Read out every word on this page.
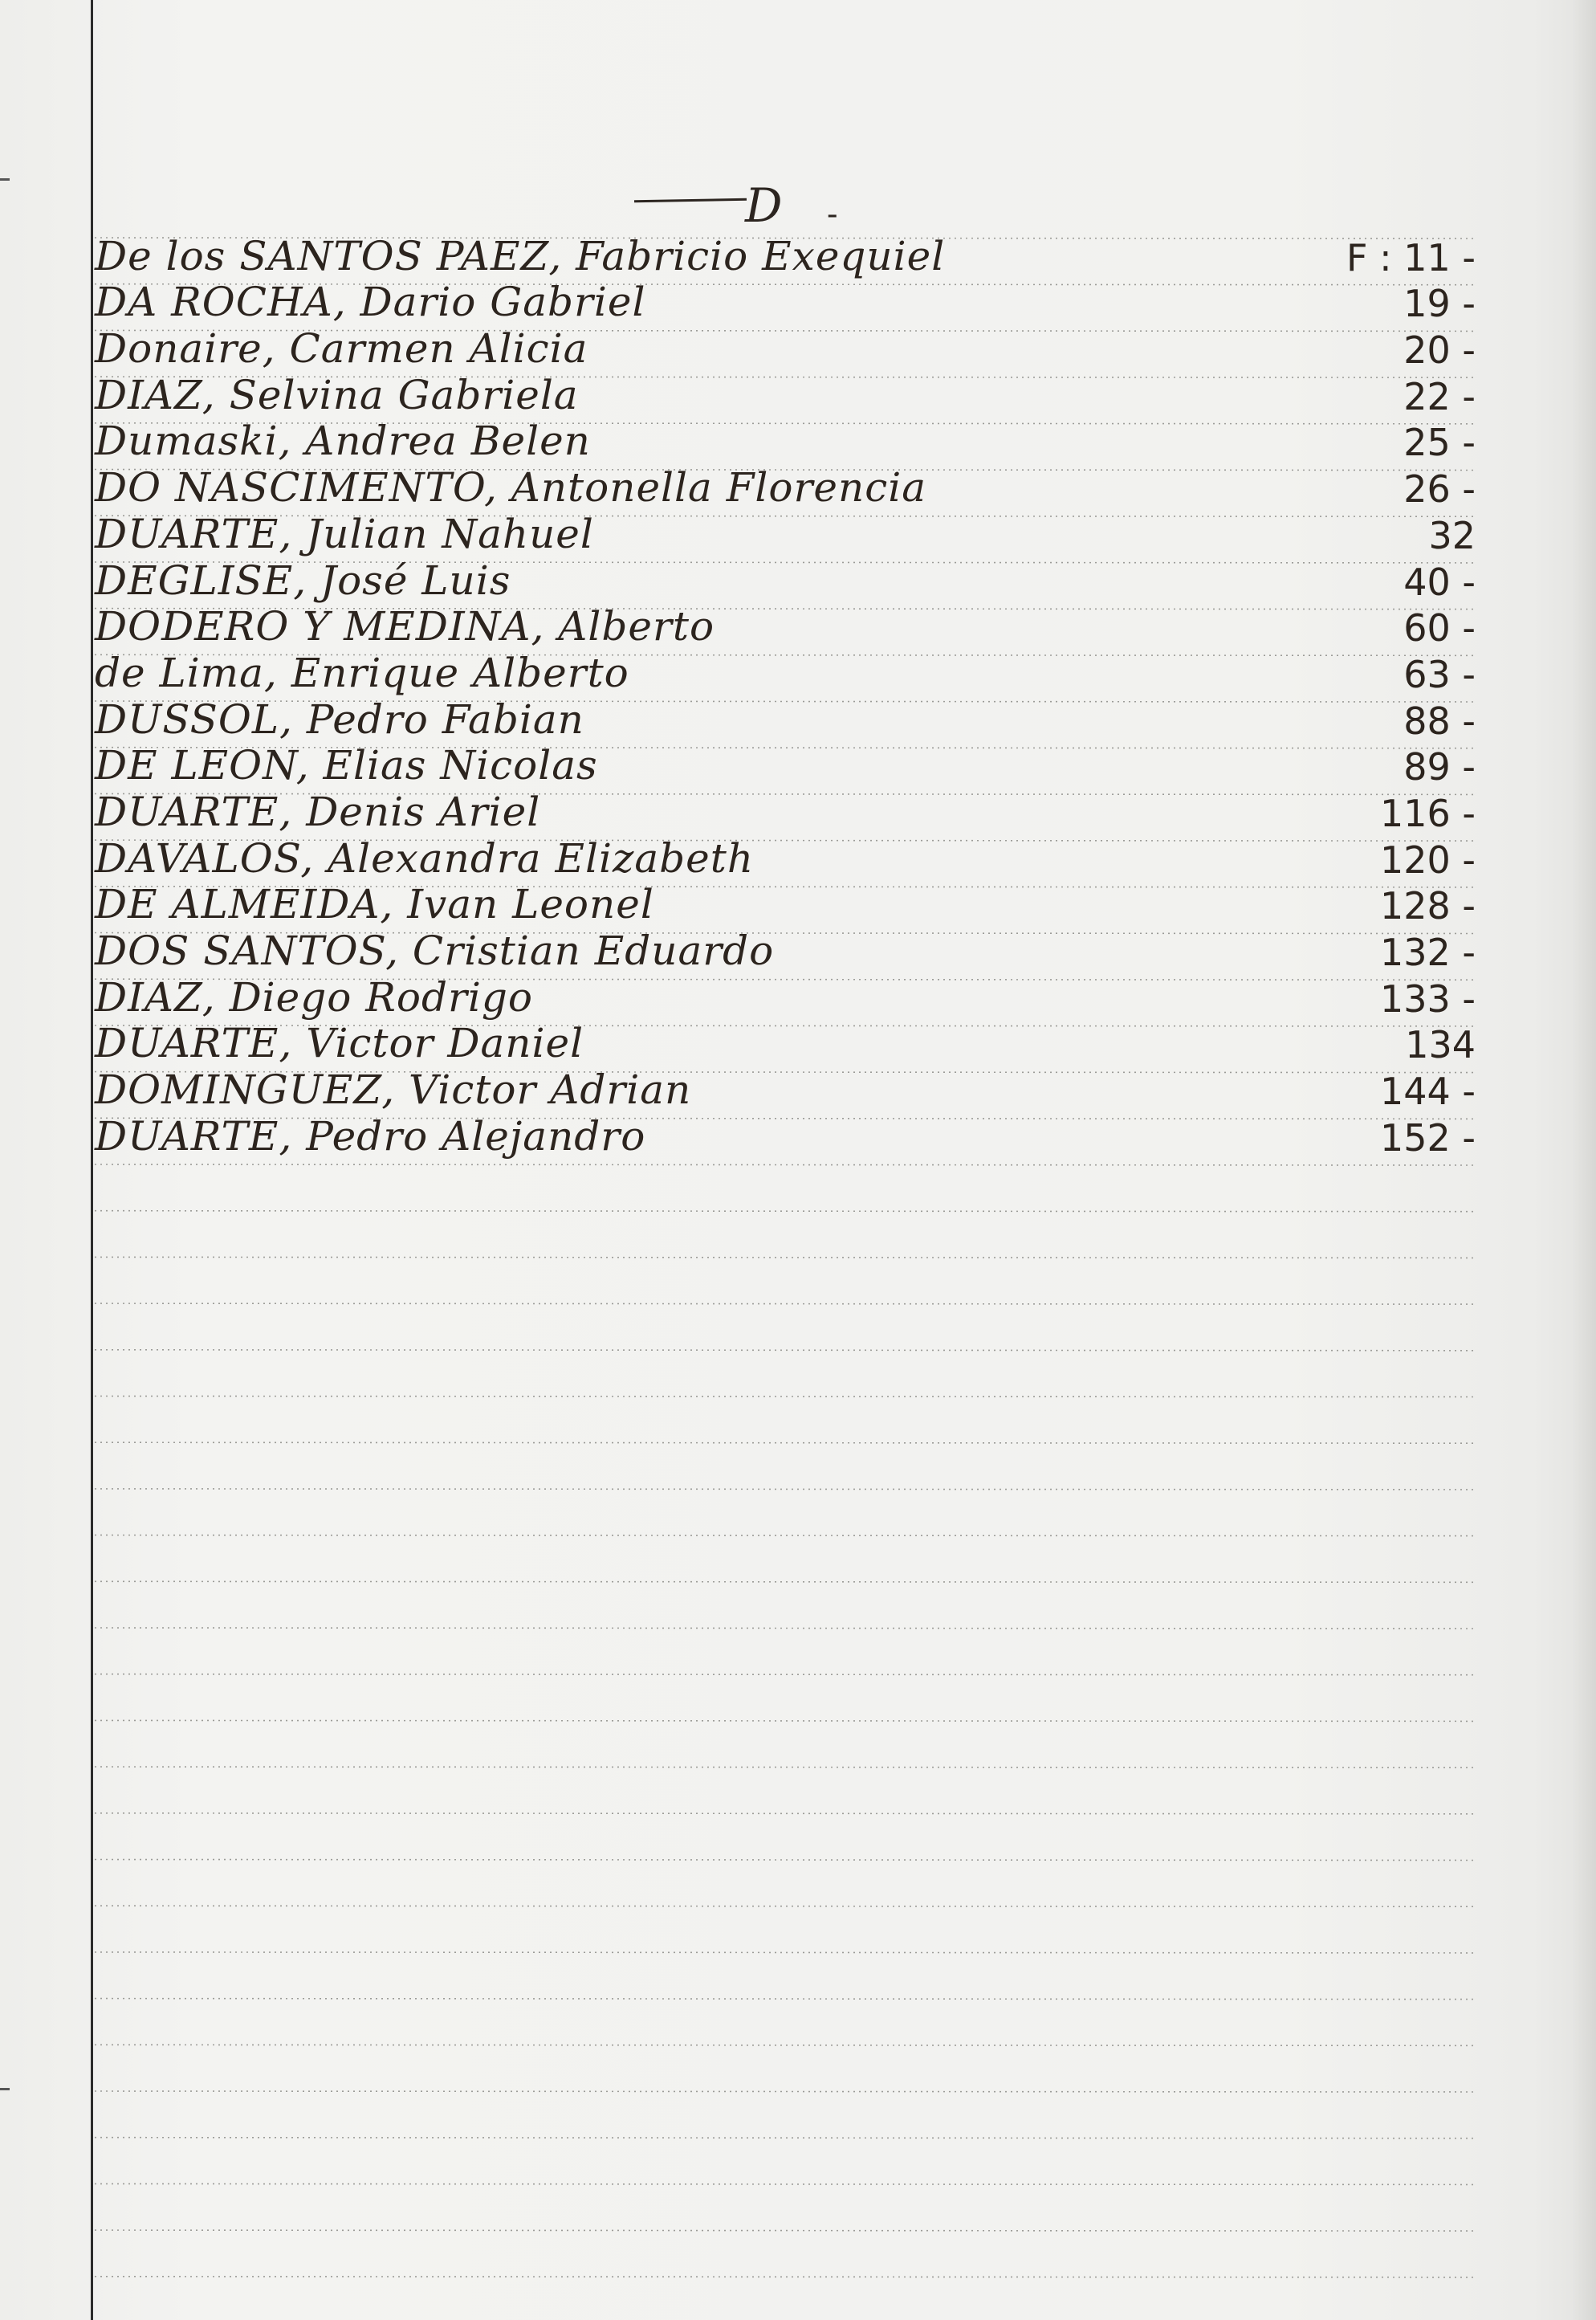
D -
De los SANTOS PAEZ, Fabricio Exequiel	F : 11 -
DA ROCHA, Dario Gabriel	19 -
Donaire, Carmen Alicia	20 -
DIAZ, Selvina Gabriela	22 -
Dumaski, Andrea Belen	25 -
DO NASCIMENTO, Antonella Florencia	26 -
DUARTE, Julian Nahuel	32
DEGLISE, José Luis	40 -
DODERO Y MEDINA, Alberto	60 -
de Lima, Enrique Alberto	63 -
DUSSOL, Pedro Fabian	88 -
DE LEON, Elias Nicolas	89 -
DUARTE, Denis Ariel	116 -
DAVALOS, Alexandra Elizabeth	120 -
DE ALMEIDA, Ivan Leonel	128 -
DOS SANTOS, Cristian Eduardo	132 -
DIAZ, Diego Rodrigo	133 -
DUARTE, Victor Daniel	134
DOMINGUEZ, Victor Adrian	144 -
DUARTE, Pedro Alejandro	152 -
